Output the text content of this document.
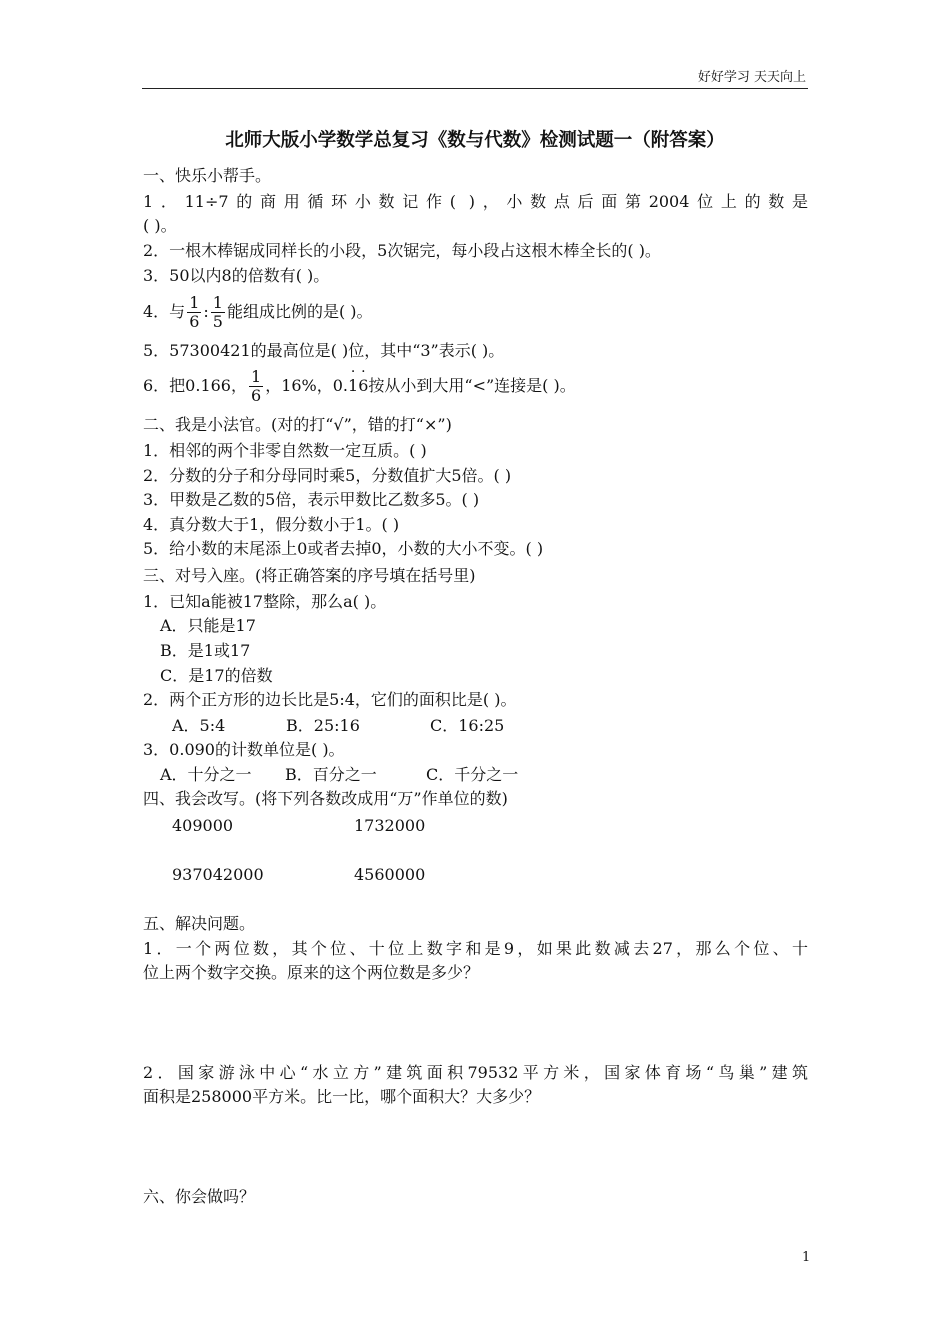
好好学习 天天向上
北师大版小学数学总复习《数与代数》检测试题一（附答案）
一、快乐小帮手。
1．11÷7的商用循环小数记作( )，小数点后面第2004位上的数是
( )。
2．一根木棒锯成同样长的小段，5次锯完，每小段占这根木棒全长的( )。
3．50以内8的倍数有( )。
4．与 $\frac{1}{6}$ : $\frac{1}{5}$ 能组成比例的是( )。
5．57300421的最高位是( )位，其中“3”表示( )。
6．把0.166， $\frac{1}{6}$ ，16%，0.· 1· 6按从小到大用“<”连接是( )。
二、我是小法官。(对的打“√”，错的打“×”)
1．相邻的两个非零自然数一定互质。( )
2．分数的分子和分母同时乘5，分数值扩大5倍。( )
3．甲数是乙数的5倍，表示甲数比乙数多5。( )
4．真分数大于1，假分数小于1。( )
5．给小数的末尾添上0或者去掉0，小数的大小不变。( )
三、对号入座。(将正确答案的序号填在括号里)
1．已知a能被17整除，那么a( )。
A．只能是17
B．是1或17
C．是17的倍数
2．两个正方形的边长比是5:4，它们的面积比是( )。
A．5:4	B．25:16	C．16:25
3．0.090的计数单位是( )。
A．十分之一 B．百分之一	C．千分之一
四、我会改写。(将下列各数改成用“万”作单位的数)
409000	1732000
937042000	4560000
五、解决问题。
1．一个两位数，其个位、十位上数字和是9，如果此数减去27，那么个位、十
位上两个数字交换。原来的这个两位数是多少？
2．国家游泳中心“水立方”建筑面积79532平方米，国家体育场“鸟巢”建筑
面积是258000平方米。比一比，哪个面积大？大多少？
六、你会做吗？
1
